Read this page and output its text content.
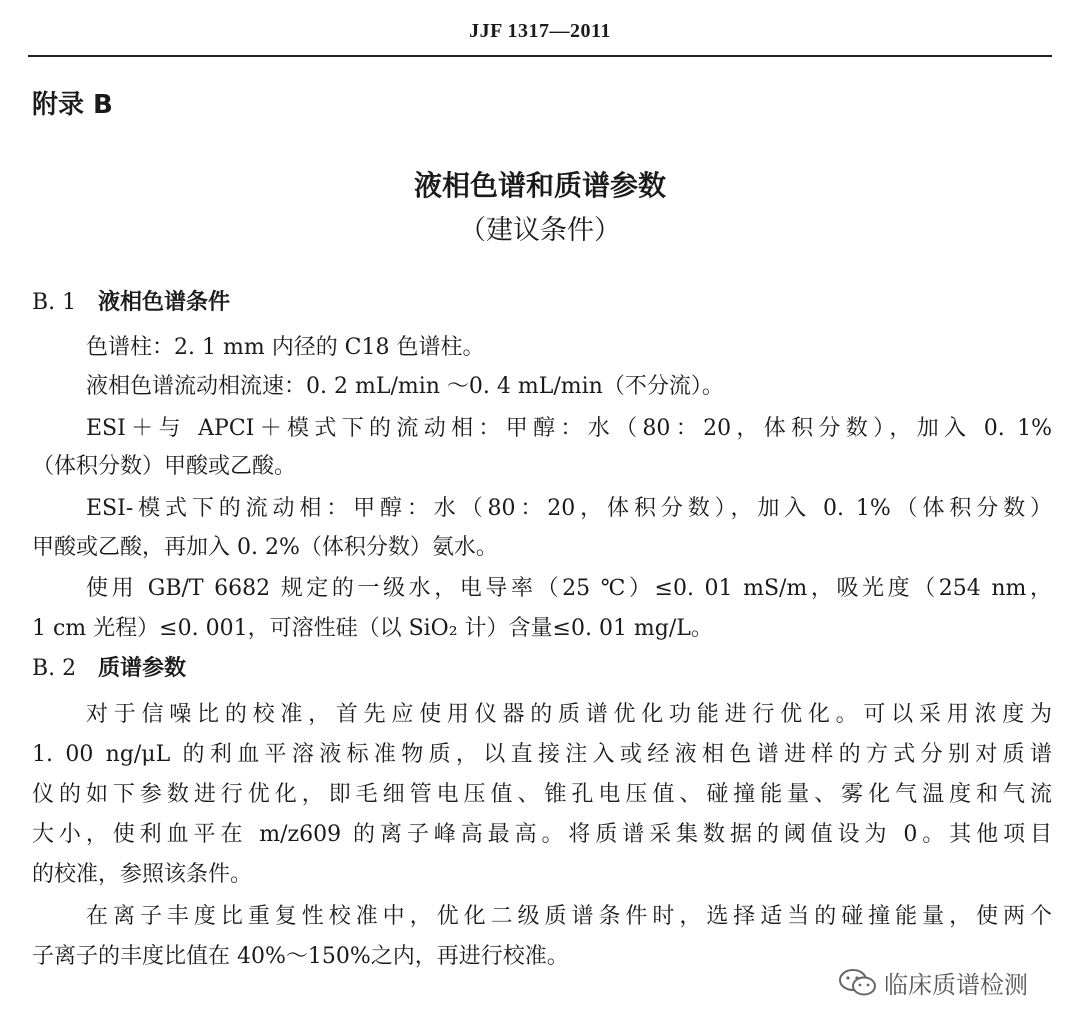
JJF 1317—2011
附录 B
液相色谱和质谱参数
（建议条件）
B. 1 液相色谱条件
色谱柱：2. 1 mm 内径的 C18 色谱柱。
液相色谱流动相流速：0. 2 mL/min ～0. 4 mL/min（不分流）。
ESI＋与 APCI＋模式下的流动相：甲醇：水（80：20，体积分数），加入 0. 1%
（体积分数）甲酸或乙酸。
ESI-模式下的流动相：甲醇：水（80：20，体积分数），加入 0. 1%（体积分数）
甲酸或乙酸，再加入 0. 2%（体积分数）氨水。
使用 GB/T 6682 规定的一级水，电导率（25 ℃）≤0. 01 mS/m，吸光度（254 nm，
1 cm 光程）≤0. 001，可溶性硅（以 SiO₂ 计）含量≤0. 01 mg/L。
B. 2 质谱参数
对于信噪比的校准，首先应使用仪器的质谱优化功能进行优化。可以采用浓度为
1. 00 ng/μL 的利血平溶液标准物质，以直接注入或经液相色谱进样的方式分别对质谱
仪的如下参数进行优化，即毛细管电压值、锥孔电压值、碰撞能量、雾化气温度和气流
大小，使利血平在 m/z609 的离子峰高最高。将质谱采集数据的阈值设为 0。其他项目
的校准，参照该条件。
在离子丰度比重复性校准中，优化二级质谱条件时，选择适当的碰撞能量，使两个
子离子的丰度比值在 40%～150%之内，再进行校准。
临床质谱检测
